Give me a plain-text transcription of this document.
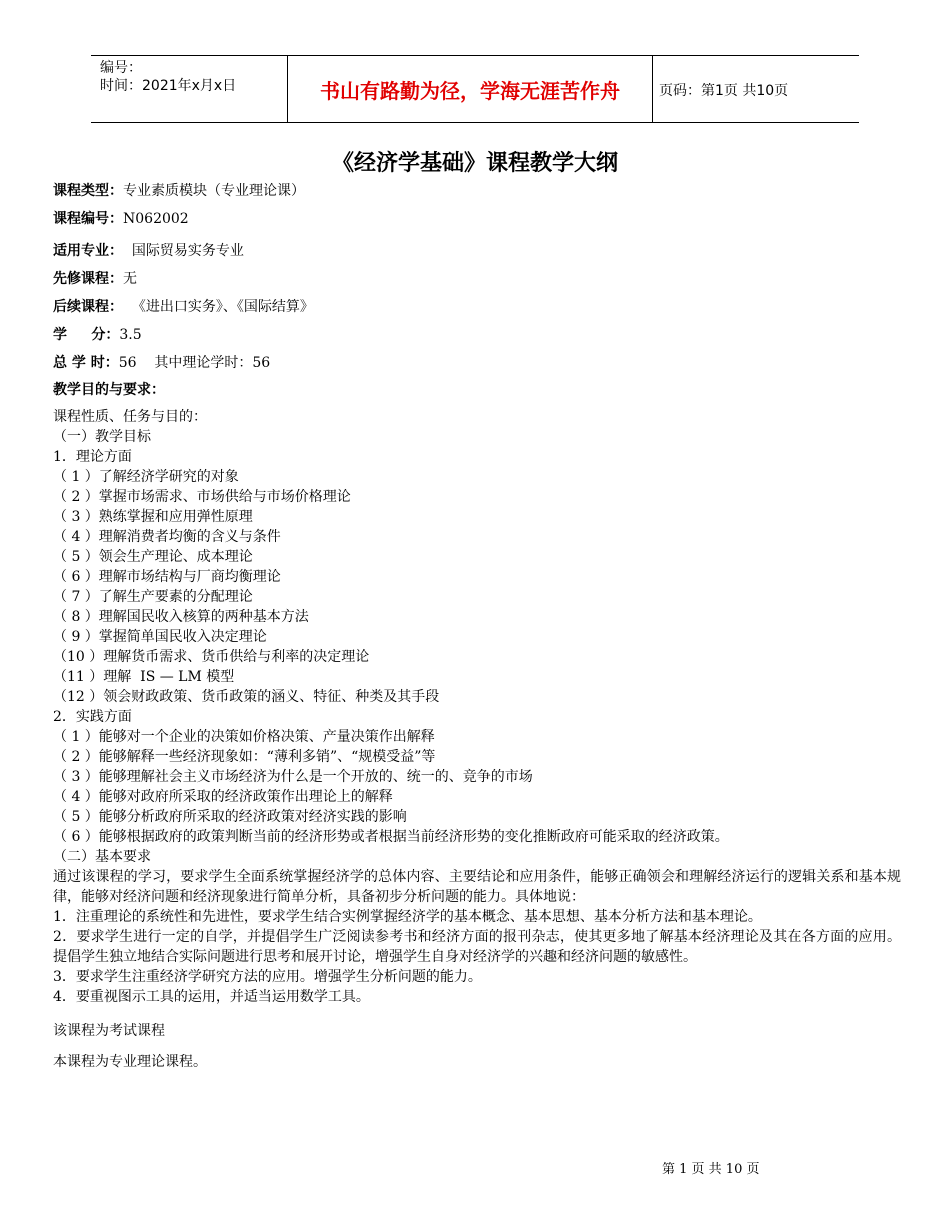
编号：
时间：2021年x月x日	书山有路勤为径，学海无涯苦作舟	页码：第1页 共10页
《经济学基础》课程教学大纲
课程类型：专业素质模块（专业理论课）
课程编号：N062002
适用专业：  国际贸易实务专业
先修课程：无
后续课程：  《进出口实务》、《国际结算》
学     分：3.5
总 学 时：56    其中理论学时：56
教学目的与要求：
课程性质、任务与目的：
（一）教学目标
1．理论方面
（ 1 ）了解经济学研究的对象
（ 2 ）掌握市场需求、市场供给与市场价格理论
（ 3 ）熟练掌握和应用弹性原理
（ 4 ）理解消费者均衡的含义与条件
（ 5 ）领会生产理论、成本理论
（ 6 ）理解市场结构与厂商均衡理论
（ 7 ）了解生产要素的分配理论
（ 8 ）理解国民收入核算的两种基本方法
（ 9 ）掌握简单国民收入决定理论
（10 ）理解货币需求、货币供给与利率的决定理论
（11 ）理解  IS — LM 模型
（12 ）领会财政政策、货币政策的涵义、特征、种类及其手段
2．实践方面
（ 1 ）能够对一个企业的决策如价格决策、产量决策作出解释
（ 2 ）能够解释一些经济现象如：“薄利多销”、“规模受益”等
（ 3 ）能够理解社会主义市场经济为什么是一个开放的、统一的、竞争的市场
（ 4 ）能够对政府所采取的经济政策作出理论上的解释
（ 5 ）能够分析政府所采取的经济政策对经济实践的影响
（ 6 ）能够根据政府的政策判断当前的经济形势或者根据当前经济形势的变化推断政府可能采取的经济政策。
（二）基本要求
通过该课程的学习，要求学生全面系统掌握经济学的总体内容、主要结论和应用条件，能够正确领会和理解经济运行的逻辑关系和基本规律，能够对经济问题和经济现象进行简单分析，具备初步分析问题的能力。具体地说：
1．注重理论的系统性和先进性，要求学生结合实例掌握经济学的基本概念、基本思想、基本分析方法和基本理论。
2．要求学生进行一定的自学，并提倡学生广泛阅读参考书和经济方面的报刊杂志，使其更多地了解基本经济理论及其在各方面的应用。提倡学生独立地结合实际问题进行思考和展开讨论，增强学生自身对经济学的兴趣和经济问题的敏感性。
3．要求学生注重经济学研究方法的应用。增强学生分析问题的能力。
4．要重视图示工具的运用，并适当运用数学工具。
该课程为考试课程
本课程为专业理论课程。
第 1 页 共 10 页
